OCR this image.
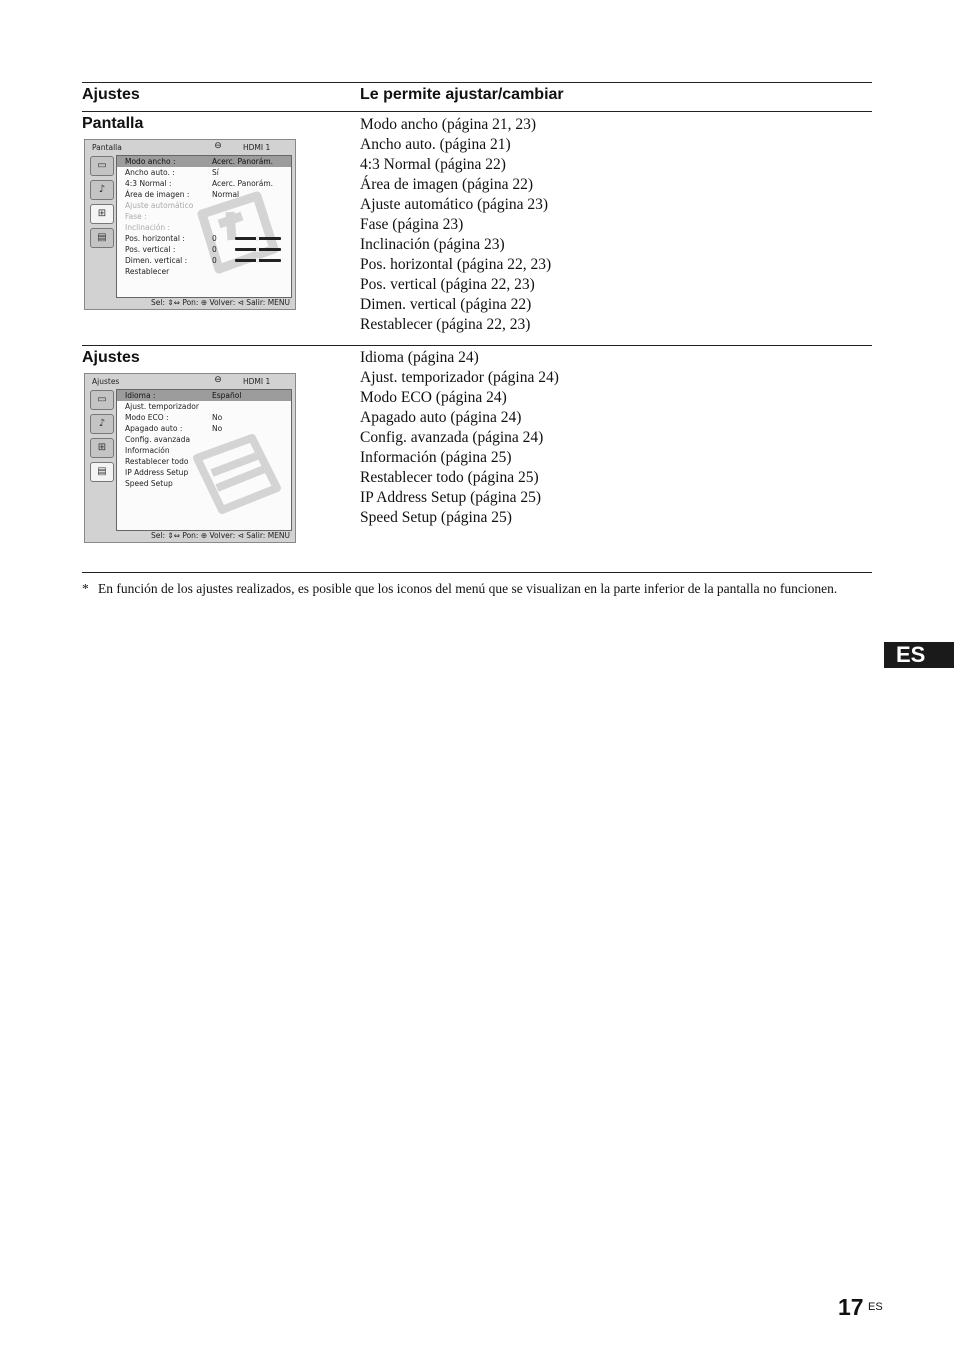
Ajustes	Le permite ajustar/cambiar
Pantalla	Modo ancho (página 21, 23)
Ancho auto. (página 21)
4:3 Normal (página 22)
Área de imagen (página 22)
Ajuste automático (página 23)
Fase (página 23)
Inclinación (página 23)
Pos. horizontal (página 22, 23)
Pos. vertical (página 22, 23)
Dimen. vertical (página 22)
Restablecer (página 22, 23)
Pantalla	⊖	HDMI 1
▭
♪
⊞
▤
Modo ancho :	Acerc. Panorám.
Ancho auto. :	Sí
4:3 Normal :	Acerc. Panorám.
Área de imagen :	Normal
Ajuste automático
Fase :
Inclinación :
Pos. horizontal :	0
Pos. vertical :	0
Dimen. vertical :	0
Restablecer
Sel: ⇕⇔ Pon: ⊕ Volver: ⊲ Salir: MENU
Ajustes	Idioma (página 24)
Ajust. temporizador (página 24)
Modo ECO (página 24)
Apagado auto (página 24)
Config. avanzada (página 24)
Información (página 25)
Restablecer todo (página 25)
IP Address Setup (página 25)
Speed Setup (página 25)
Ajustes	⊖	HDMI 1
▭
♪
⊞
▤
Idioma :	Español
Ajust. temporizador
Modo ECO :	No
Apagado auto :	No
Config. avanzada
Información
Restablecer todo
IP Address Setup
Speed Setup
Sel: ⇕⇔ Pon: ⊕ Volver: ⊲ Salir: MENU
* En función de los ajustes realizados, es posible que los iconos del menú que se visualizan en la parte inferior de la pantalla no funcionen.
ES
17 ES
